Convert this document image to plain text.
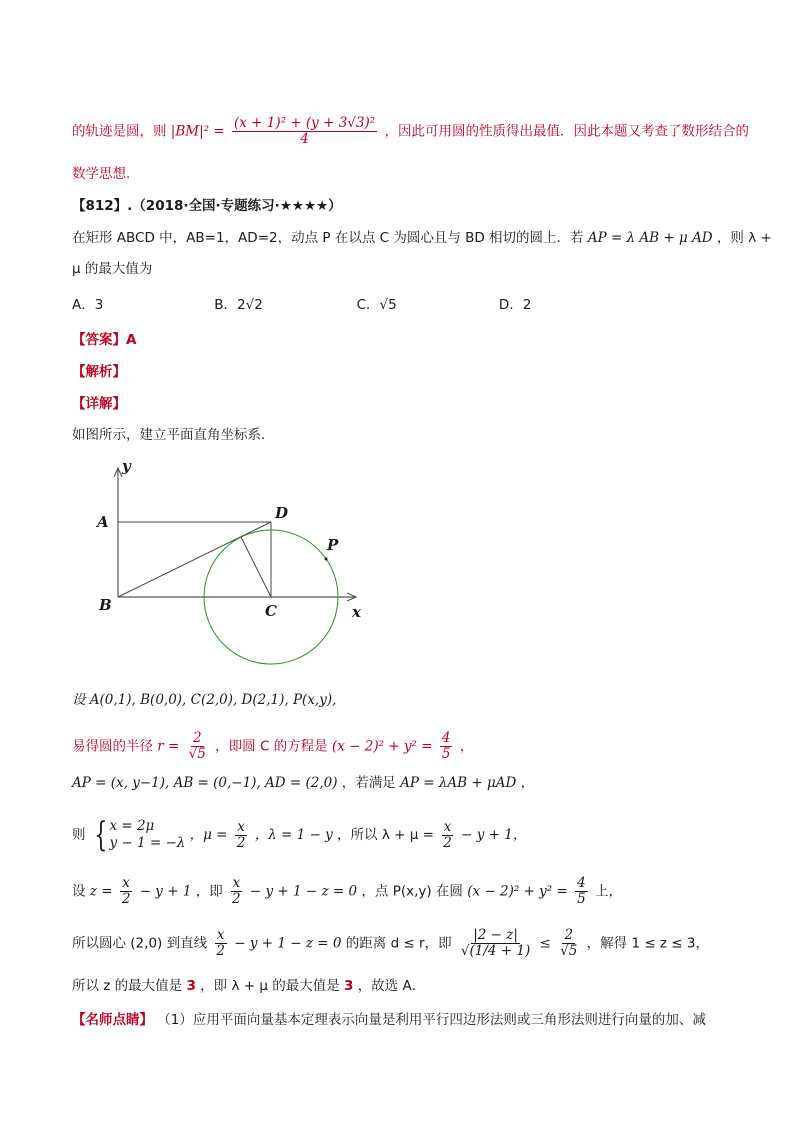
的轨迹是圆，则 $|BM|^2 = \frac{\text{(x + 1)² + (y + 3√3)²}}{4}$ ，因此可用圆的性质得出最值．因此本题又考查了数形结合的
数学思想．
【812】.（2018·全国·专题练习·★★★★）
在矩形 ABCD 中，AB=1，AD=2，动点 P 在以点 C 为圆心且与 BD 相切的圆上．若 AP = λ AB + μ AD ，则 λ +
μ 的最大值为
A．3	B．2√2	C．√5	D．2
【答案】A
【解析】
【详解】
如图所示，建立平面直角坐标系．
y
x
A
B	C
D
P
设 A(0,1), B(0,0), C(2,0), D(2,1), P(x,y),
易得圆的半径 $r = \frac{2}{√5}$ ，即圆 C 的方程是 $(x - 2)^2 + y^2 = \frac{4}{5}$ ，
AP = (x, y−1), AB = (0,−1), AD = (2,0) ，若满足 AP = λAB + μAD ，
则 { x = 2μ
y − 1 = −λ ，$\mu = \frac{x}{2}$ ，λ = 1 − y ，所以 $\lambda + \mu = \frac{x}{2} - y + 1$，
设 $z = \frac{x}{2} - y + 1$ ，即 $\frac{x}{2} - y + 1 - z = 0$ ，点 P(x,y) 在圆 $(x - 2)^2 + y^2 = \frac{4}{5}$ 上，
所以圆心 (2,0) 到直线 $\frac{x}{2} - y + 1 - z = 0$ 的距离 d ≤ r，即 $\frac{|2 - z|}{√(1/4 + 1)} \le \frac{2}{√5}$ ，解得 1 ≤ z ≤ 3，
所以 z 的最大值是 3 ，即 λ + μ 的最大值是 3 ，故选 A．
【名师点睛】 （1）应用平面向量基本定理表示向量是利用平行四边形法则或三角形法则进行向量的加、减
